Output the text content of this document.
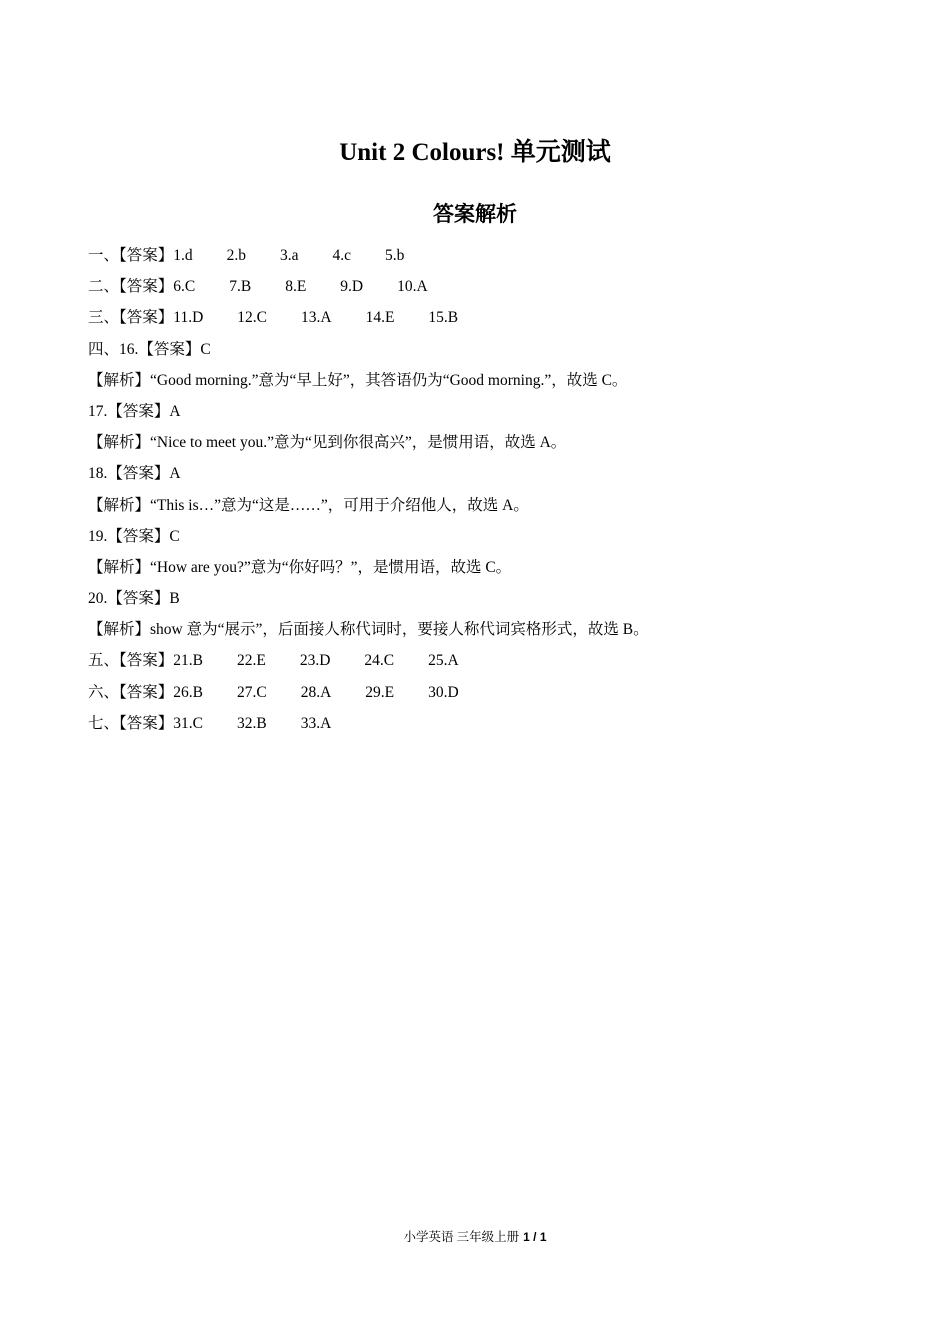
Unit 2 Colours! 单元测试
答案解析
一、【答案】1.d 2.b 3.a 4.c 5.b
二、【答案】6.C 7.B 8.E 9.D 10.A
三、【答案】11.D 12.C 13.A 14.E 15.B
四、16.【答案】C
【解析】“Good morning.”意为“早上好”，其答语仍为“Good morning.”，故选 C。
17.【答案】A
【解析】“Nice to meet you.”意为“见到你很高兴”，是惯用语，故选 A。
18.【答案】A
【解析】“This is…”意为“这是……”，可用于介绍他人，故选 A。
19.【答案】C
【解析】“How are you?”意为“你好吗？”，是惯用语，故选 C。
20.【答案】B
【解析】show 意为“展示”，后面接人称代词时，要接人称代词宾格形式，故选 B。
五、【答案】21.B 22.E 23.D 24.C 25.A
六、【答案】26.B 27.C 28.A 29.E 30.D
七、【答案】31.C 32.B 33.A
小学英语 三年级上册 1 / 1
